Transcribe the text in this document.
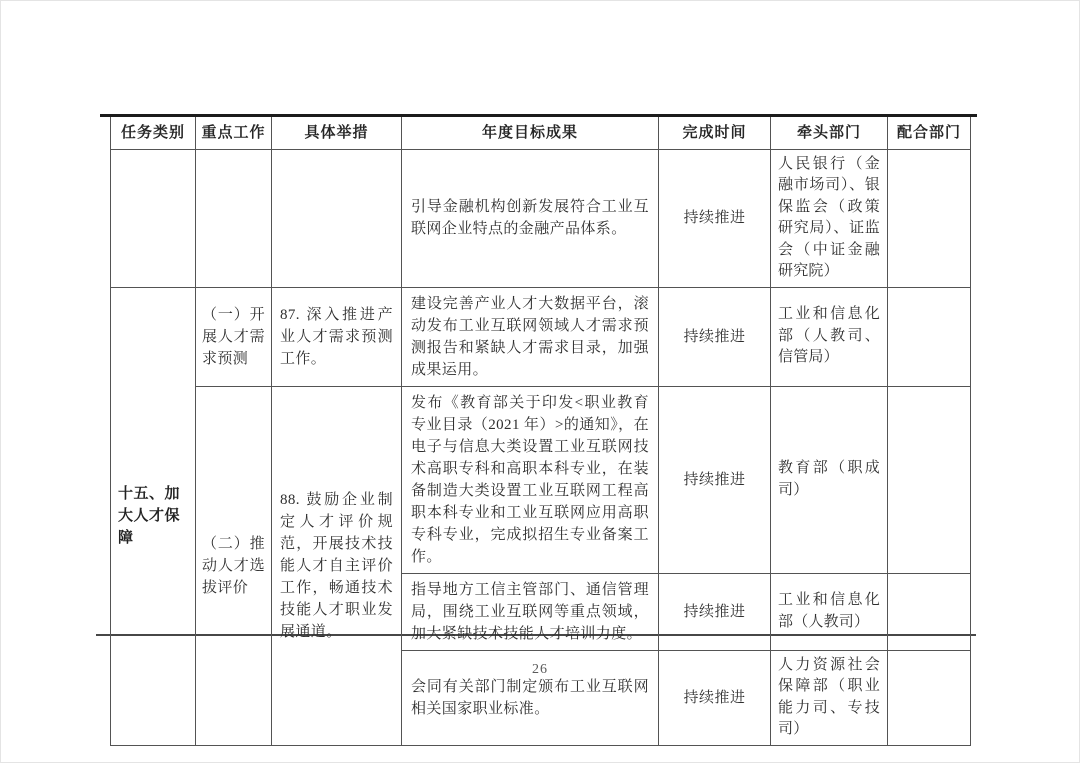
任务类别	重点工作	具体举措	年度目标成果	完成时间	牵头部门	配合部门
			引导金融机构创新发展符合工业互联网企业特点的金融产品体系。	持续推进	人民银行（金融市场司）、银保监会（政策研究局）、证监会（中证金融研究院）	
十五、加大人才保障	（一）开展人才需求预测	87. 深入推进产业人才需求预测工作。	建设完善产业人才大数据平台，滚动发布工业互联网领域人才需求预测报告和紧缺人才需求目录，加强成果运用。	持续推进	工业和信息化部（人教司、信管局）	
	（二）推动人才选拔评价	88. 鼓励企业制定人才评价规范，开展技术技能人才自主评价工作，畅通技术技能人才职业发展通道。	发布《教育部关于印发<职业教育专业目录（2021 年）>的通知》，在电子与信息大类设置工业互联网技术高职专科和高职本科专业，在装备制造大类设置工业互联网工程高职本科专业和工业互联网应用高职专科专业，完成拟招生专业备案工作。	持续推进	教育部（职成司）	
			指导地方工信主管部门、通信管理局，围绕工业互联网等重点领域，加大紧缺技术技能人才培训力度。	持续推进	工业和信息化部（人教司）	
			会同有关部门制定颁布工业互联网相关国家职业标准。	持续推进	人力资源社会保障部（职业能力司、专技司）	
26
